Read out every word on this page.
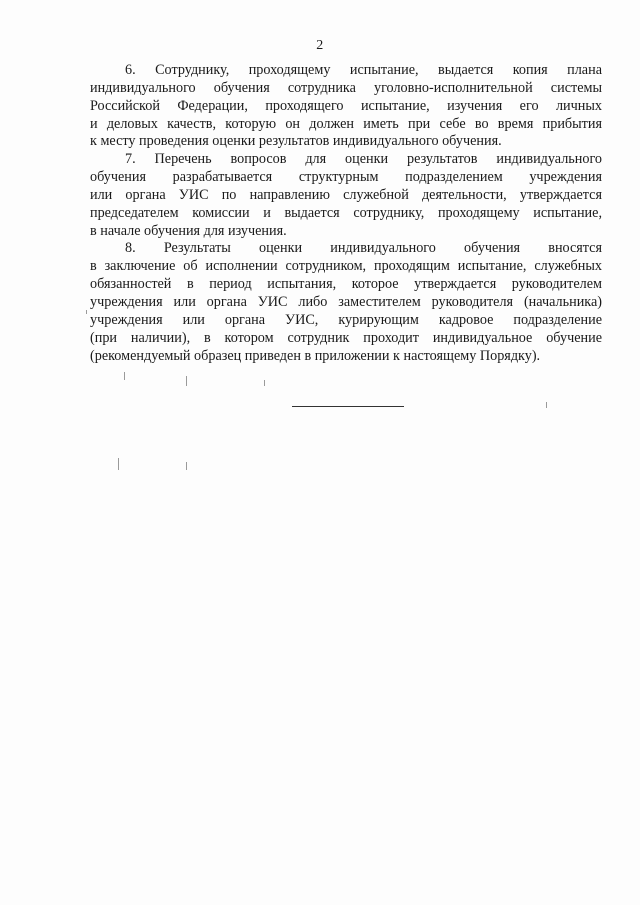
2
6. Сотруднику, проходящему испытание, выдается копия плана
индивидуального обучения сотрудника уголовно-исполнительной системы
Российской Федерации, проходящего испытание, изучения его личных
и деловых качеств, которую он должен иметь при себе во время прибытия
к месту проведения оценки результатов индивидуального обучения.
7. Перечень вопросов для оценки результатов индивидуального
обучения разрабатывается структурным подразделением учреждения
или органа УИС по направлению служебной деятельности, утверждается
председателем комиссии и выдается сотруднику, проходящему испытание,
в начале обучения для изучения.
8. Результаты оценки индивидуального обучения вносятся
в заключение об исполнении сотрудником, проходящим испытание, служебных
обязанностей в период испытания, которое утверждается руководителем
учреждения или органа УИС либо заместителем руководителя (начальника)
учреждения или органа УИС, курирующим кадровое подразделение
(при наличии), в котором сотрудник проходит индивидуальное обучение
(рекомендуемый образец приведен в приложении к настоящему Порядку).
